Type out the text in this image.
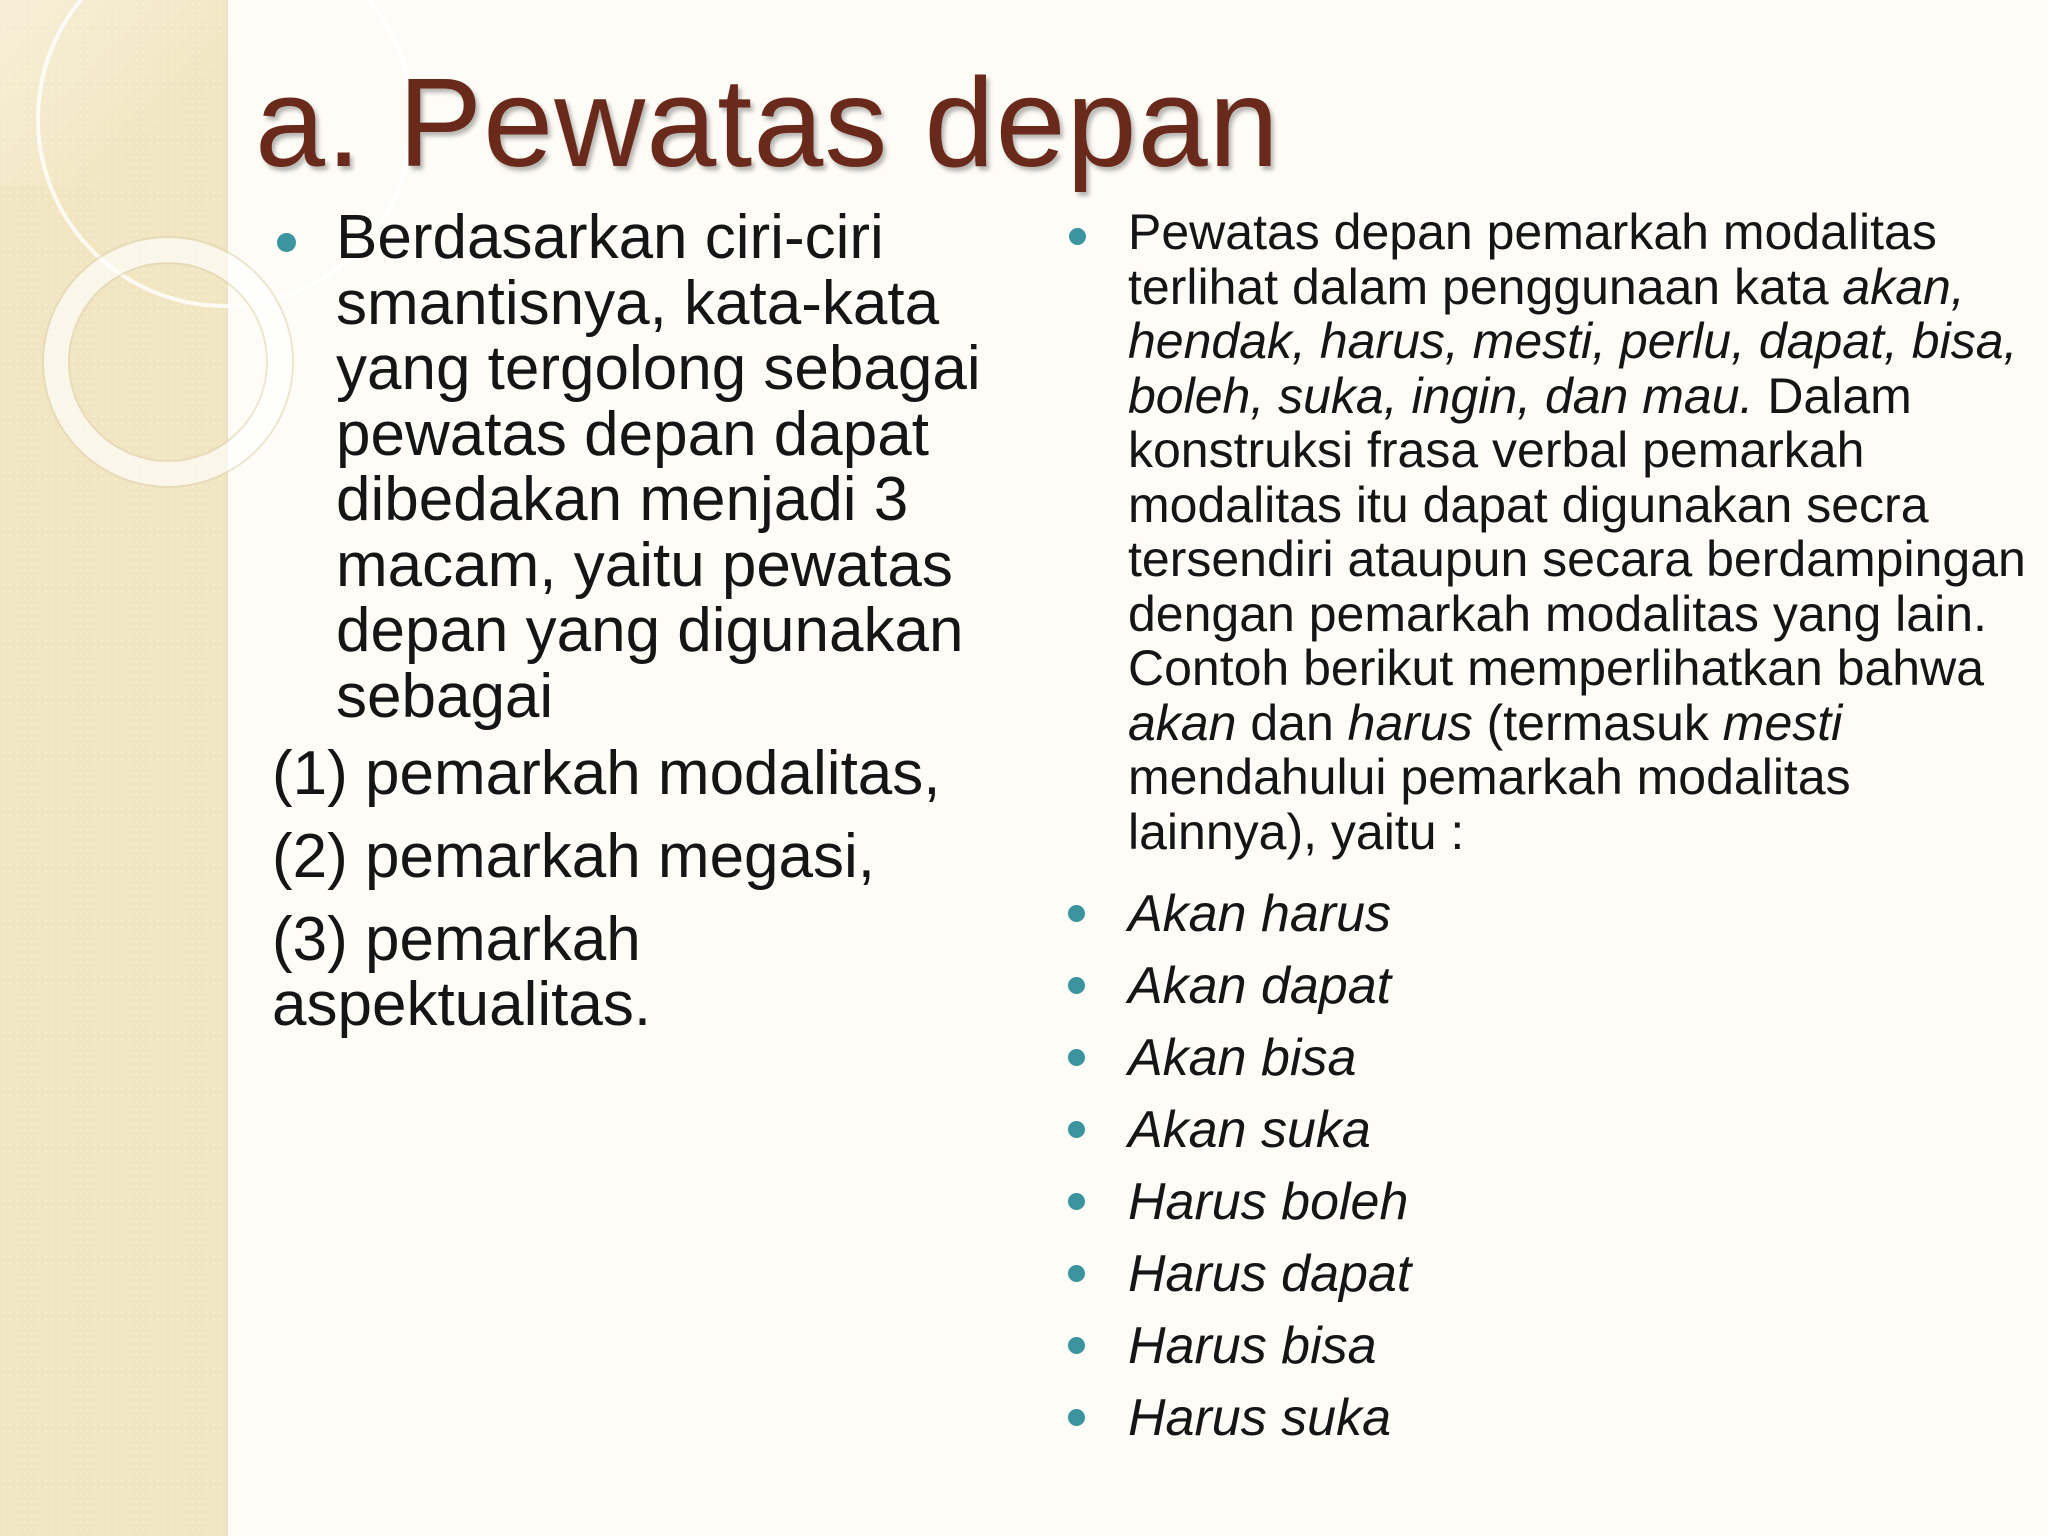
a. Pewatas depan

Berdasarkan ciri-ciri smantisnya, kata-kata yang tergolong sebagai pewatas depan dapat dibedakan menjadi 3 macam, yaitu pewatas depan yang digunakan sebagai

(1) pemarkah modalitas,

(2) pemarkah megasi,

(3) pemarkah aspektualitas.

Pewatas depan pemarkah modalitas terlihat dalam penggunaan kata akan, hendak, harus, mesti, perlu, dapat, bisa, boleh, suka, ingin, dan mau. Dalam konstruksi frasa verbal pemarkah modalitas itu dapat digunakan secra tersendiri ataupun secara berdampingan dengan pemarkah modalitas yang lain. Contoh berikut memperlihatkan bahwa akan dan harus (termasuk mesti mendahului pemarkah modalitas lainnya), yaitu :

Akan harus
Akan dapat
Akan bisa
Akan suka
Harus boleh
Harus dapat
Harus bisa
Harus suka
